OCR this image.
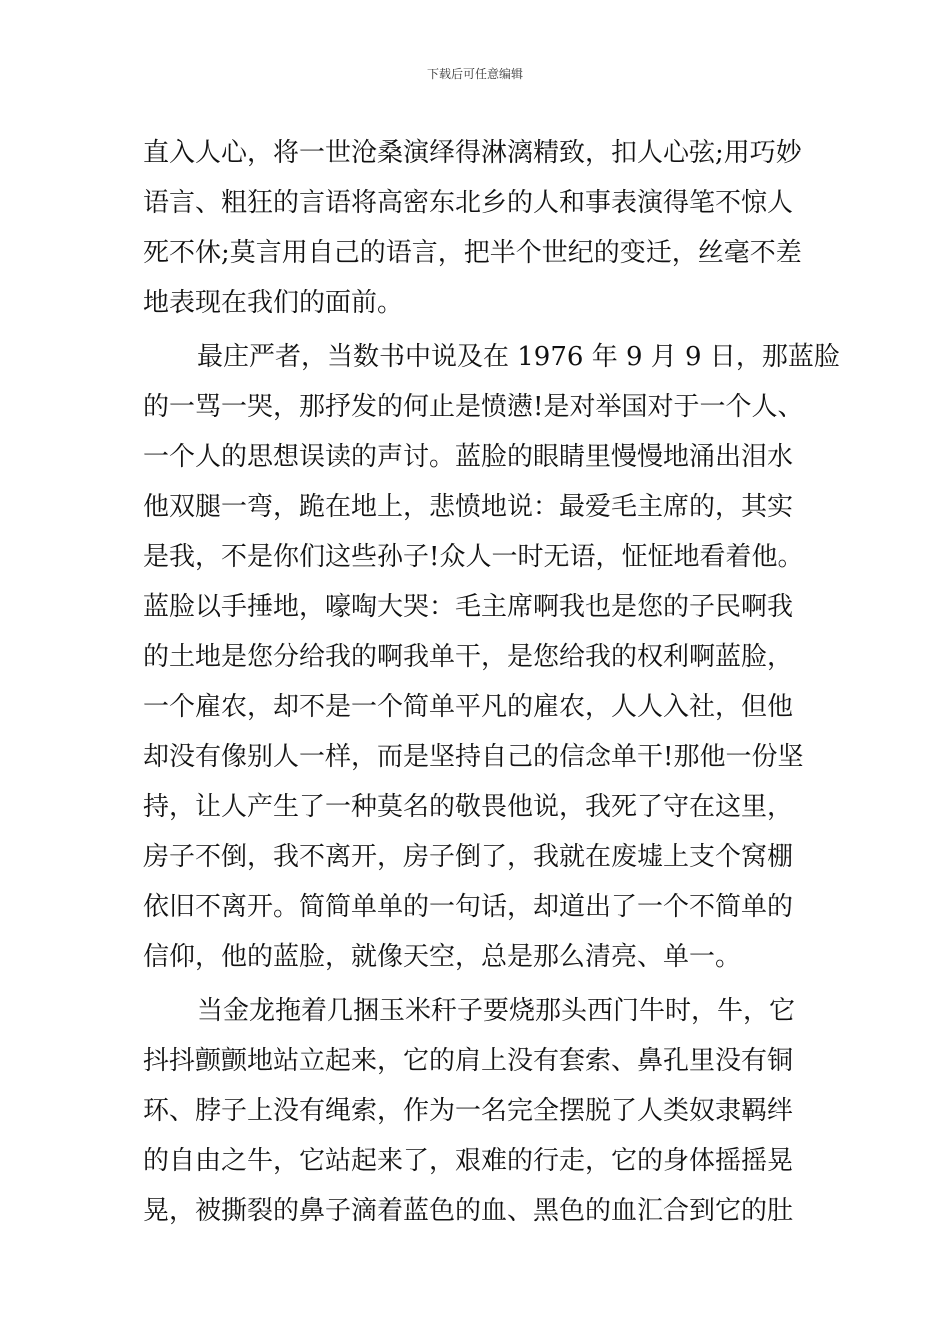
下载后可任意编辑
直入人心，将一世沧桑演绎得淋漓精致，扣人心弦;用巧妙
语言、粗狂的言语将高密东北乡的人和事表演得笔不惊人
死不休;莫言用自己的语言，把半个世纪的变迁，丝毫不差
地表现在我们的面前。
最庄严者，当数书中说及在 1976 年 9 月 9 日，那蓝脸
的一骂一哭，那抒发的何止是愤懑!是对举国对于一个人、
一个人的思想误读的声讨。蓝脸的眼睛里慢慢地涌出泪水
他双腿一弯，跪在地上，悲愤地说：最爱毛主席的，其实
是我，不是你们这些孙子!众人一时无语，怔怔地看着他。
蓝脸以手捶地，嚎啕大哭：毛主席啊我也是您的子民啊我
的土地是您分给我的啊我单干，是您给我的权利啊蓝脸，
一个雇农，却不是一个简单平凡的雇农，人人入社，但他
却没有像别人一样，而是坚持自己的信念单干!那他一份坚
持，让人产生了一种莫名的敬畏他说，我死了守在这里，
房子不倒，我不离开，房子倒了，我就在废墟上支个窝棚
依旧不离开。简简单单的一句话，却道出了一个不简单的
信仰，他的蓝脸，就像天空，总是那么清亮、单一。
当金龙拖着几捆玉米秆子要烧那头西门牛时，牛，它
抖抖颤颤地站立起来，它的肩上没有套索、鼻孔里没有铜
环、脖子上没有绳索，作为一名完全摆脱了人类奴隶羁绊
的自由之牛，它站起来了，艰难的行走，它的身体摇摇晃
晃，被撕裂的鼻子滴着蓝色的血、黑色的血汇合到它的肚
